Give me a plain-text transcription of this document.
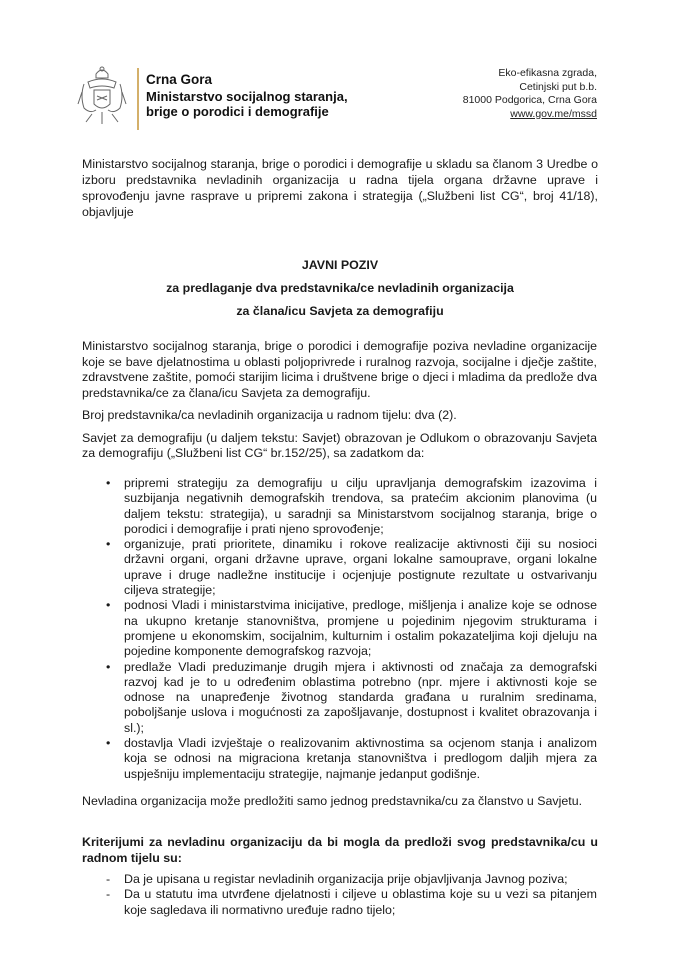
Crna Gora
Ministarstvo socijalnog staranja,
brige o porodici i demografije
Eko-efikasna zgrada,
Cetinjski put b.b.
81000 Podgorica, Crna Gora
www.gov.me/mssd
Ministarstvo socijalnog staranja, brige o porodici i demografije u skladu sa članom 3 Uredbe o izboru predstavnika nevladinih organizacija u radna tijela organa državne uprave i sprovođenju javne rasprave u pripremi zakona i strategija („Službeni list CG“, broj 41/18), objavljuje
JAVNI POZIV
za predlaganje dva predstavnika/ce nevladinih organizacija
za člana/icu Savjeta za demografiju
Ministarstvo socijalnog staranja, brige o porodici i demografije poziva nevladine organizacije koje se bave djelatnostima u oblasti poljoprivrede i ruralnog razvoja, socijalne i dječje zaštite, zdravstvene zaštite, pomoći starijim licima i društvene brige o djeci i mladima da predlože dva predstavnika/ce za člana/icu Savjeta za demografiju.
Broj predstavnika/ca nevladinih organizacija u radnom tijelu: dva (2).
Savjet za demografiju (u daljem tekstu: Savjet) obrazovan je Odlukom o obrazovanju Savjeta za demografiju („Službeni list CG“ br.152/25), sa zadatkom da:
• pripremi strategiju za demografiju u cilju upravljanja demografskim izazovima i suzbijanja negativnih demografskih trendova, sa pratećim akcionim planovima (u daljem tekstu: strategija), u saradnji sa Ministarstvom socijalnog staranja, brige o porodici i demografije i prati njeno sprovođenje;
• organizuje, prati prioritete, dinamiku i rokove realizacije aktivnosti čiji su nosioci državni organi, organi državne uprave, organi lokalne samouprave, organi lokalne uprave i druge nadležne institucije i ocjenjuje postignute rezultate u ostvarivanju ciljeva strategije;
• podnosi Vladi i ministarstvima inicijative, predloge, mišljenja i analize koje se odnose na ukupno kretanje stanovništva, promjene u pojedinim njegovim strukturama i promjene u ekonomskim, socijalnim, kulturnim i ostalim pokazateljima koji djeluju na pojedine komponente demografskog razvoja;
• predlaže Vladi preduzimanje drugih mjera i aktivnosti od značaja za demografski razvoj kad je to u određenim oblastima potrebno (npr. mjere i aktivnosti koje se odnose na unapređenje životnog standarda građana u ruralnim sredinama, poboljšanje uslova i mogućnosti za zapošljavanje, dostupnost i kvalitet obrazovanja i sl.);
• dostavlja Vladi izvještaje o realizovanim aktivnostima sa ocjenom stanja i analizom koja se odnosi na migraciona kretanja stanovništva i predlogom daljih mjera za uspješniju implementaciju strategije, najmanje jedanput godišnje.
Nevladina organizacija može predložiti samo jednog predstavnika/cu za članstvo u Savjetu.
Kriterijumi za nevladinu organizaciju da bi mogla da predloži svog predstavnika/cu u radnom tijelu su:
- Da je upisana u registar nevladinih organizacija prije objavljivanja Javnog poziva;
- Da u statutu ima utvrđene djelatnosti i ciljeve u oblastima koje su u vezi sa pitanjem koje sagledava ili normativno uređuje radno tijelo;
